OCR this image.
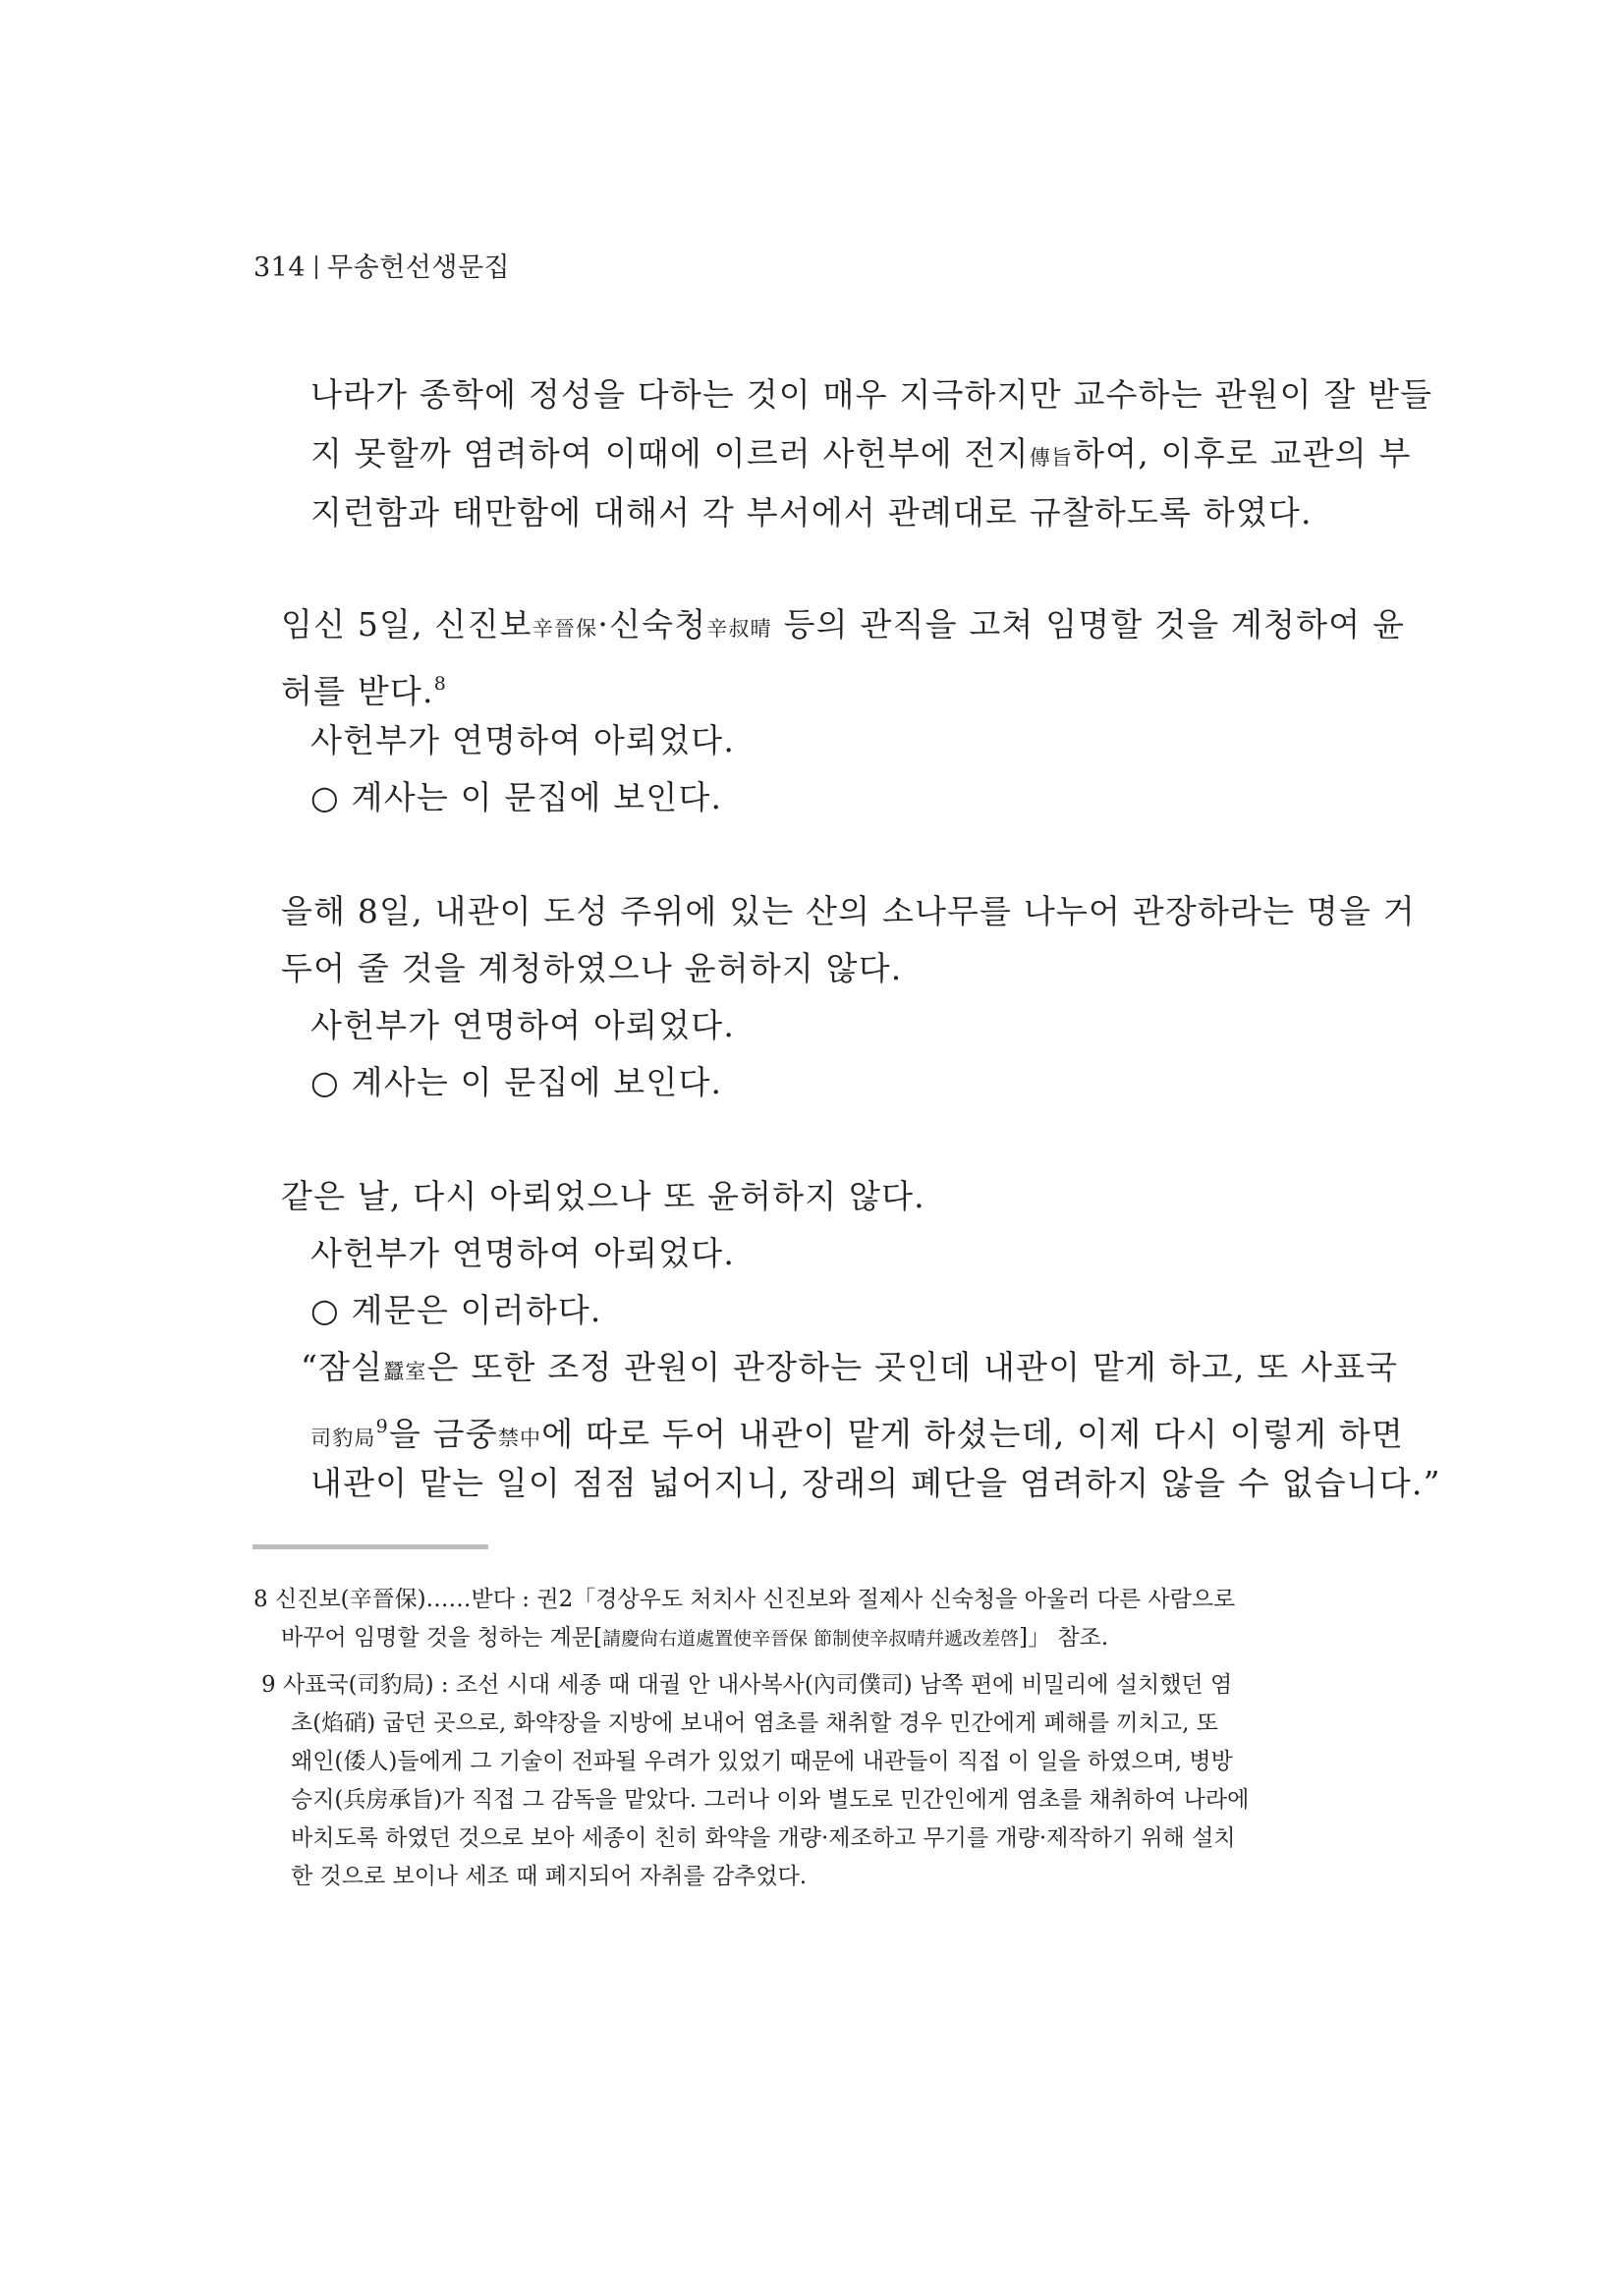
314 무송헌선생문집
나라가 종학에 정성을 다하는 것이 매우 지극하지만 교수하는 관원이 잘 받들
지 못할까 염려하여 이때에 이르러 사헌부에 전지傳旨하여, 이후로 교관의 부
지런함과 태만함에 대해서 각 부서에서 관례대로 규찰하도록 하였다.
임신 5일, 신진보辛晉保·신숙청辛叔晴 등의 관직을 고쳐 임명할 것을 계청하여 윤
허를 받다.$^8$
사헌부가 연명하여 아뢰었다.
○ 계사는 이 문집에 보인다.
을해 8일, 내관이 도성 주위에 있는 산의 소나무를 나누어 관장하라는 명을 거
두어 줄 것을 계청하였으나 윤허하지 않다.
사헌부가 연명하여 아뢰었다.
○ 계사는 이 문집에 보인다.
같은 날, 다시 아뢰었으나 또 윤허하지 않다.
사헌부가 연명하여 아뢰었다.
○ 계문은 이러하다.
“잠실蠶室은 또한 조정 관원이 관장하는 곳인데 내관이 맡게 하고, 또 사표국
司豹局$^9$을 금중禁中에 따로 두어 내관이 맡게 하셨는데, 이제 다시 이렇게 하면
내관이 맡는 일이 점점 넓어지니, 장래의 폐단을 염려하지 않을 수 없습니다.”
8 신진보(辛晉保)……받다 : 권2「경상우도 처치사 신진보와 절제사 신숙청을 아울러 다른 사람으로
바꾸어 임명할 것을 청하는 계문[請慶尙右道處置使辛晉保 節制使辛叔晴幷遞改差啓]」 참조.
9 사표국(司豹局) : 조선 시대 세종 때 대궐 안 내사복사(內司僕司) 남쪽 편에 비밀리에 설치했던 염
초(焰硝) 굽던 곳으로, 화약장을 지방에 보내어 염초를 채취할 경우 민간에게 폐해를 끼치고, 또
왜인(倭人)들에게 그 기술이 전파될 우려가 있었기 때문에 내관들이 직접 이 일을 하였으며, 병방
승지(兵房承旨)가 직접 그 감독을 맡았다. 그러나 이와 별도로 민간인에게 염초를 채취하여 나라에
바치도록 하였던 것으로 보아 세종이 친히 화약을 개량·제조하고 무기를 개량·제작하기 위해 설치
한 것으로 보이나 세조 때 폐지되어 자취를 감추었다.
